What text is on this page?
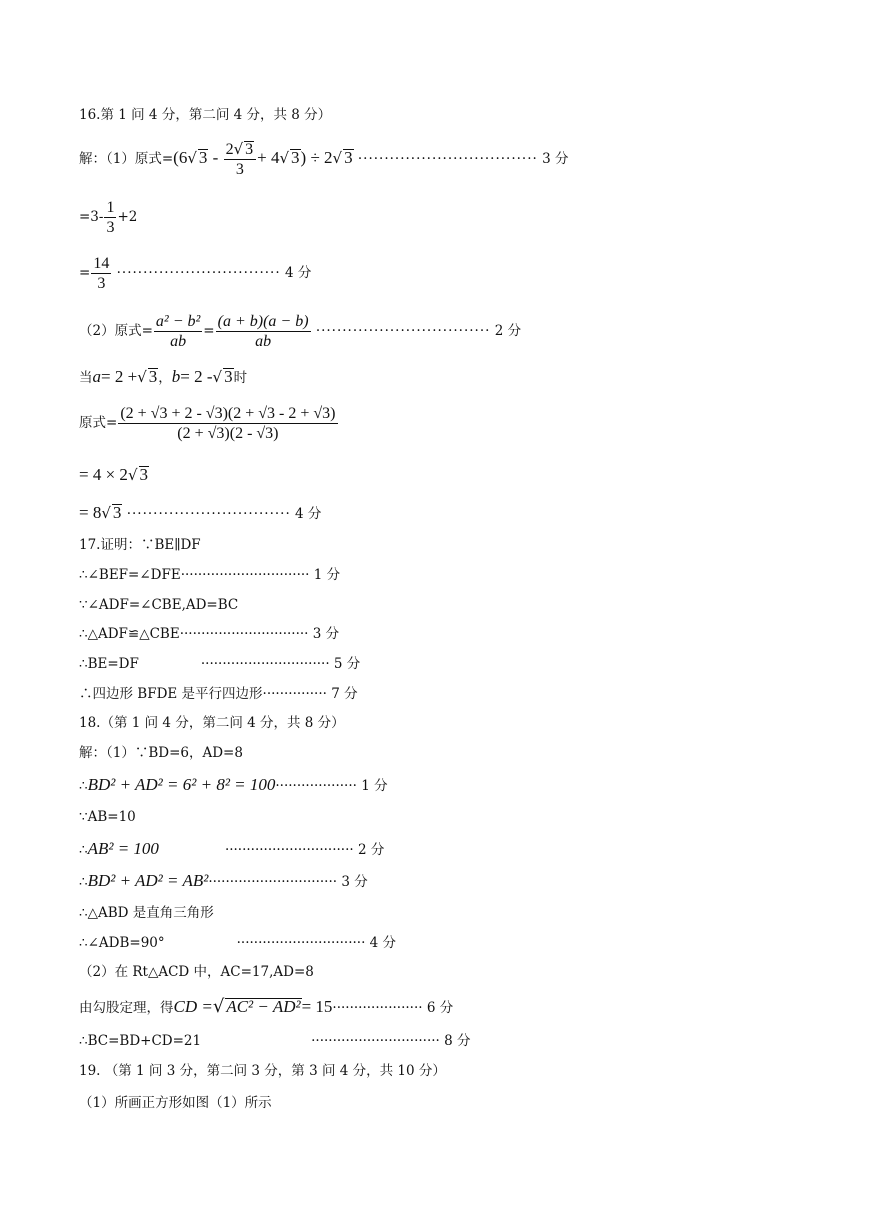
16.第 1 问 4 分，第二问 4 分，共 8 分）
解：（1）原式=(6√ $3 - \frac{2√ 3}{3} + 4√$ 3) ÷ 2√ 3 ·································· 3 分
$=3- \frac{1}{3} +2$
= $\frac{14}{3}$ ······························· 4 分
（2）原式= $\frac{\text{a² − b²}}{ab} = \frac{(a + b)(a - b)}{ab}$ ································· 2 分
当a= 2 +√ 3，b= 2 -√ 3时
原式= $\frac{(2 + √3 + 2 - √3)(2 + √3 - 2 + √3)}{(2 + √3)(2 - √3)}$
= 4 × 2√ 3
= 8√ 3 ······························· 4 分
17.证明：∵BE∥DF
∴∠BEF=∠DFE······························ 1 分
∵∠ADF=∠CBE,AD=BC
∴△ADF≌△CBE······························ 3 分
∴BE=DF	······························ 5 分
∴四边形 BFDE 是平行四边形··············· 7 分
18.（第 1 问 4 分，第二问 4 分，共 8 分）
解：（1）∵BD=6，AD=8
∴BD² + AD² = 6² + 8² = 100··················· 1 分
∵AB=10
∴AB² = 100	······························ 2 分
∴BD² + AD² = AB²······························ 3 分
∴△ABD 是直角三角形
∴∠ADB=90°	······························ 4 分
（2）在 Rt△ACD 中，AC=17,AD=8
由勾股定理，得CD =√ AC² − AD²= 15····················· 6 分
∴BC=BD+CD=21	······························ 8 分
19. （第 1 问 3 分，第二问 3 分，第 3 问 4 分，共 10 分）
（1）所画正方形如图（1）所示
